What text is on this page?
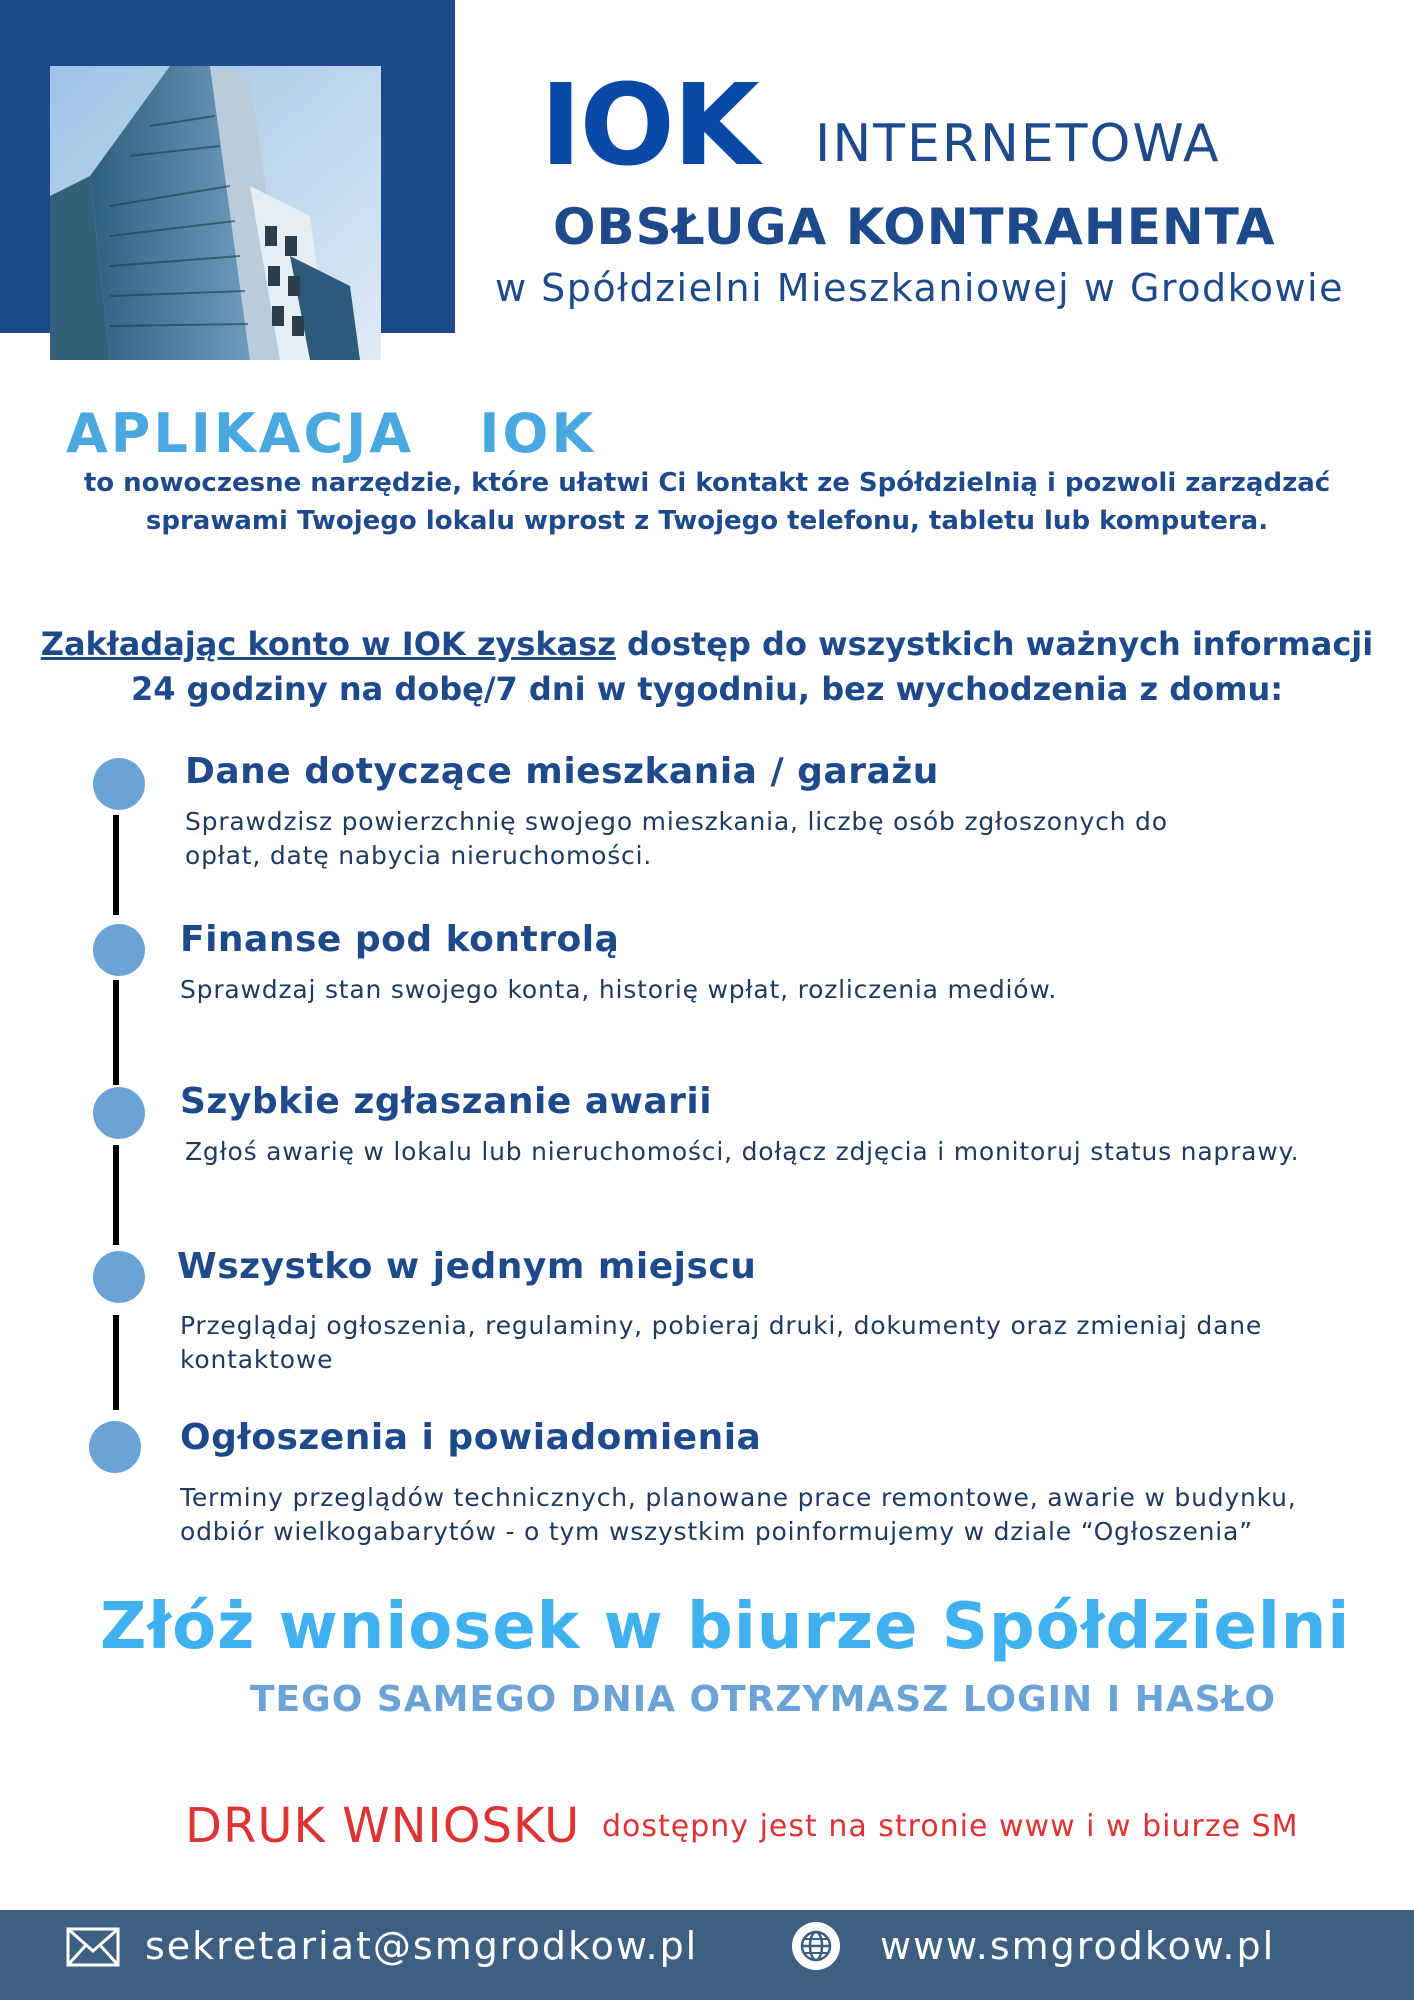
IOK INTERNETOWA
OBSŁUGA KONTRAHENTA
w Spółdzielni Mieszkaniowej w Grodkowie
APLIKACJA   IOK
to nowoczesne narzędzie, które ułatwi Ci kontakt ze Spółdzielnią i pozwoli zarządzać
sprawami Twojego lokalu wprost z Twojego telefonu, tabletu lub komputera.
Zakładając konto w IOK zyskasz dostęp do wszystkich ważnych informacji
24 godziny na dobę/7 dni w tygodniu, bez wychodzenia z domu:
Dane dotyczące mieszkania / garażu
Sprawdzisz powierzchnię swojego mieszkania, liczbę osób zgłoszonych do
opłat, datę nabycia nieruchomości.
Finanse pod kontrolą
Sprawdzaj stan swojego konta, historię wpłat, rozliczenia mediów.
Szybkie zgłaszanie awarii
Zgłoś awarię w lokalu lub nieruchomości, dołącz zdjęcia i monitoruj status naprawy.
Wszystko w jednym miejscu
Przeglądaj ogłoszenia, regulaminy, pobieraj druki, dokumenty oraz zmieniaj dane
kontaktowe
Ogłoszenia i powiadomienia
Terminy przeglądów technicznych, planowane prace remontowe, awarie w budynku,
odbiór wielkogabarytów - o tym wszystkim poinformujemy w dziale “Ogłoszenia”
Złóż wniosek w biurze Spółdzielni
TEGO SAMEGO DNIA OTRZYMASZ LOGIN I HASŁO
DRUK WNIOSKU dostępny jest na stronie www i w biurze SM
sekretariat@smgrodkow.pl	www.smgrodkow.pl
